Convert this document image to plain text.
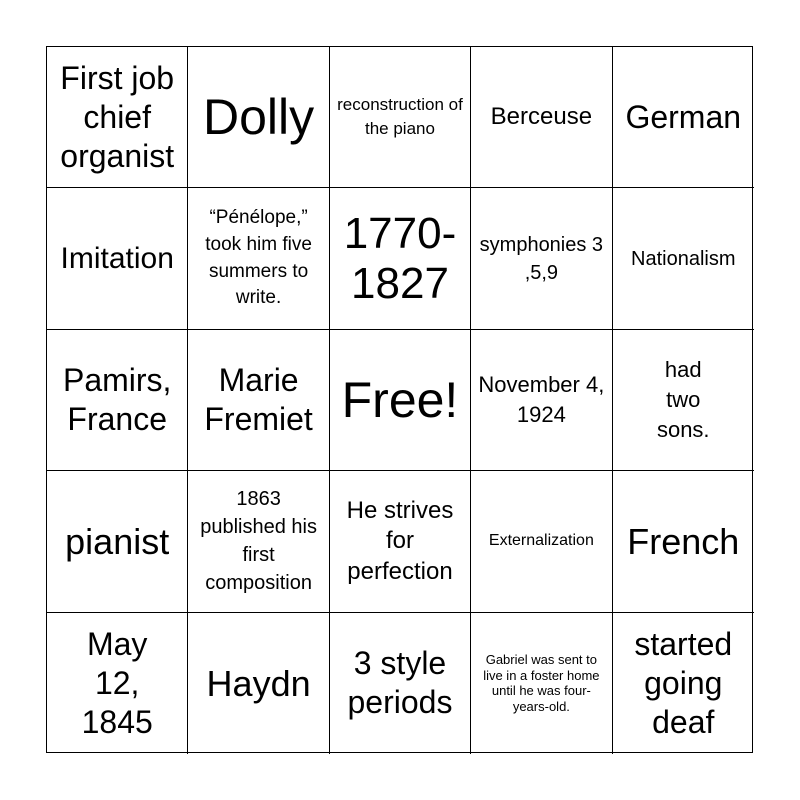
First job chief organist
Dolly reconstruction of the piano	Berceuse German
Imitation
“Pénélope,” took him five summers to write.
1770-1827
symphonies 3 ,5,9
Nationalism
Pamirs, France
Marie Fremiet Free! November 4, 1924
had two sons.
pianist
1863 published his first composition
He strives for perfection
Externalization French
May 12, 1845
Haydn	3 style periods
Gabriel was sent to live in a foster home until he was four-years-old.
started going deaf
